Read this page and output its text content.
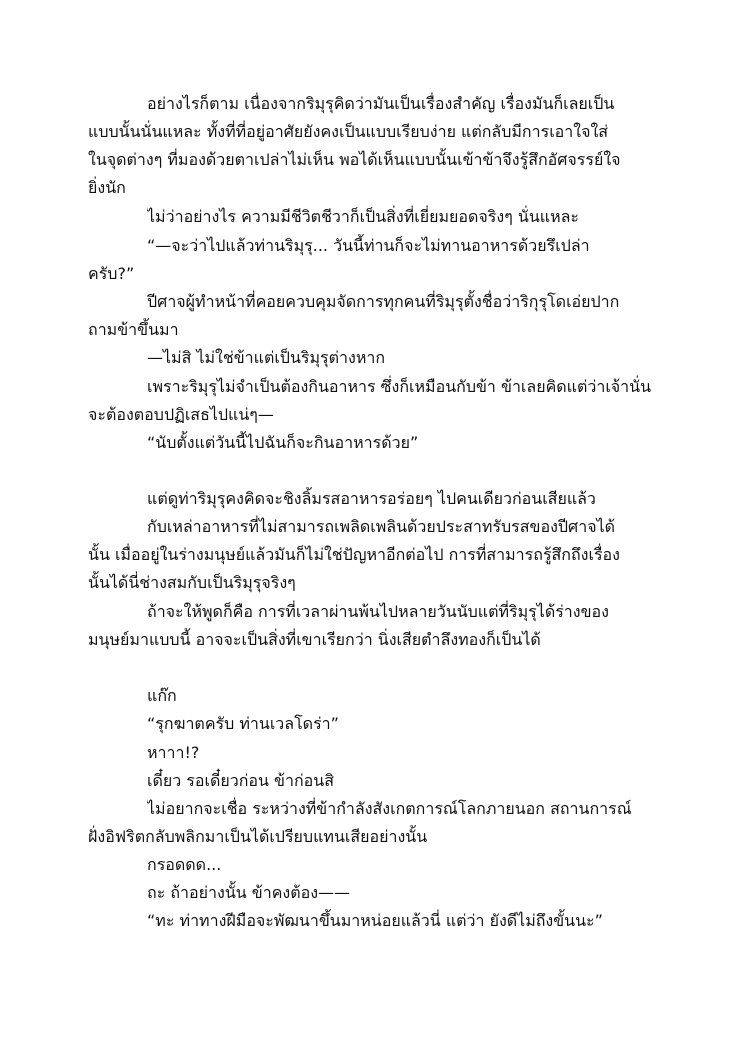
อย่างไรก็ตาม เนื่องจากริมุรุคิดว่ามันเป็นเรื่องสำคัญ เรื่องมันก็เลยเป็น
แบบนั้นนั่นแหละ ทั้งที่ที่อยู่อาศัยยังคงเป็นแบบเรียบง่าย แต่กลับมีการเอาใจใส่
ในจุดต่างๆ ที่มองด้วยตาเปล่าไม่เห็น พอได้เห็นแบบนั้นเข้าข้าจึงรู้สึกอัศจรรย์ใจ
ยิ่งนัก
ไม่ว่าอย่างไร ความมีชีวิตชีวาก็เป็นสิ่งที่เยี่ยมยอดจริงๆ นั่นแหละ
“—จะว่าไปแล้วท่านริมุรุ... วันนี้ท่านก็จะไม่ทานอาหารด้วยรึเปล่า
ครับ?”
ปีศาจผู้ทำหน้าที่คอยควบคุมจัดการทุกคนที่ริมุรุตั้งชื่อว่าริกุรุโดเอ่ยปาก
ถามข้าขึ้นมา
—ไม่สิ ไม่ใช่ข้าแต่เป็นริมุรุต่างหาก
เพราะริมุรุไม่จำเป็นต้องกินอาหาร ซึ่งก็เหมือนกับข้า ข้าเลยคิดแต่ว่าเจ้านั่น
จะต้องตอบปฏิเสธไปแน่ๆ—
“นับตั้งแต่วันนี้ไปฉันก็จะกินอาหารด้วย”
แต่ดูท่าริมุรุคงคิดจะชิงลิ้มรสอาหารอร่อยๆ ไปคนเดียวก่อนเสียแล้ว
กับเหล่าอาหารที่ไม่สามารถเพลิดเพลินด้วยประสาทรับรสของปีศาจได้
นั้น เมื่ออยู่ในร่างมนุษย์แล้วมันก็ไม่ใช่ปัญหาอีกต่อไป การที่สามารถรู้สึกถึงเรื่อง
นั้นได้นี่ช่างสมกับเป็นริมุรุจริงๆ
ถ้าจะให้พูดก็คือ การที่เวลาผ่านพ้นไปหลายวันนับแต่ที่ริมุรุได้ร่างของ
มนุษย์มาแบบนี้ อาจจะเป็นสิ่งที่เขาเรียกว่า นิ่งเสียตำลึงทองก็เป็นได้
แก๊ก
“รุกฆาตครับ ท่านเวลโดร่า”
หาาา!?
เดี๋ยว รอเดี๋ยวก่อน ข้าก่อนสิ
ไม่อยากจะเชื่อ ระหว่างที่ข้ากำลังสังเกตการณ์โลกภายนอก สถานการณ์
ฝั่งอิฟริตกลับพลิกมาเป็นได้เปรียบแทนเสียอย่างนั้น
กรอดดด...
ถะ ถ้าอย่างนั้น ข้าคงต้อง——
“ทะ ท่าทางฝีมือจะพัฒนาขึ้นมาหน่อยแล้วนี่ แต่ว่า ยังดีไม่ถึงขั้นนะ”
